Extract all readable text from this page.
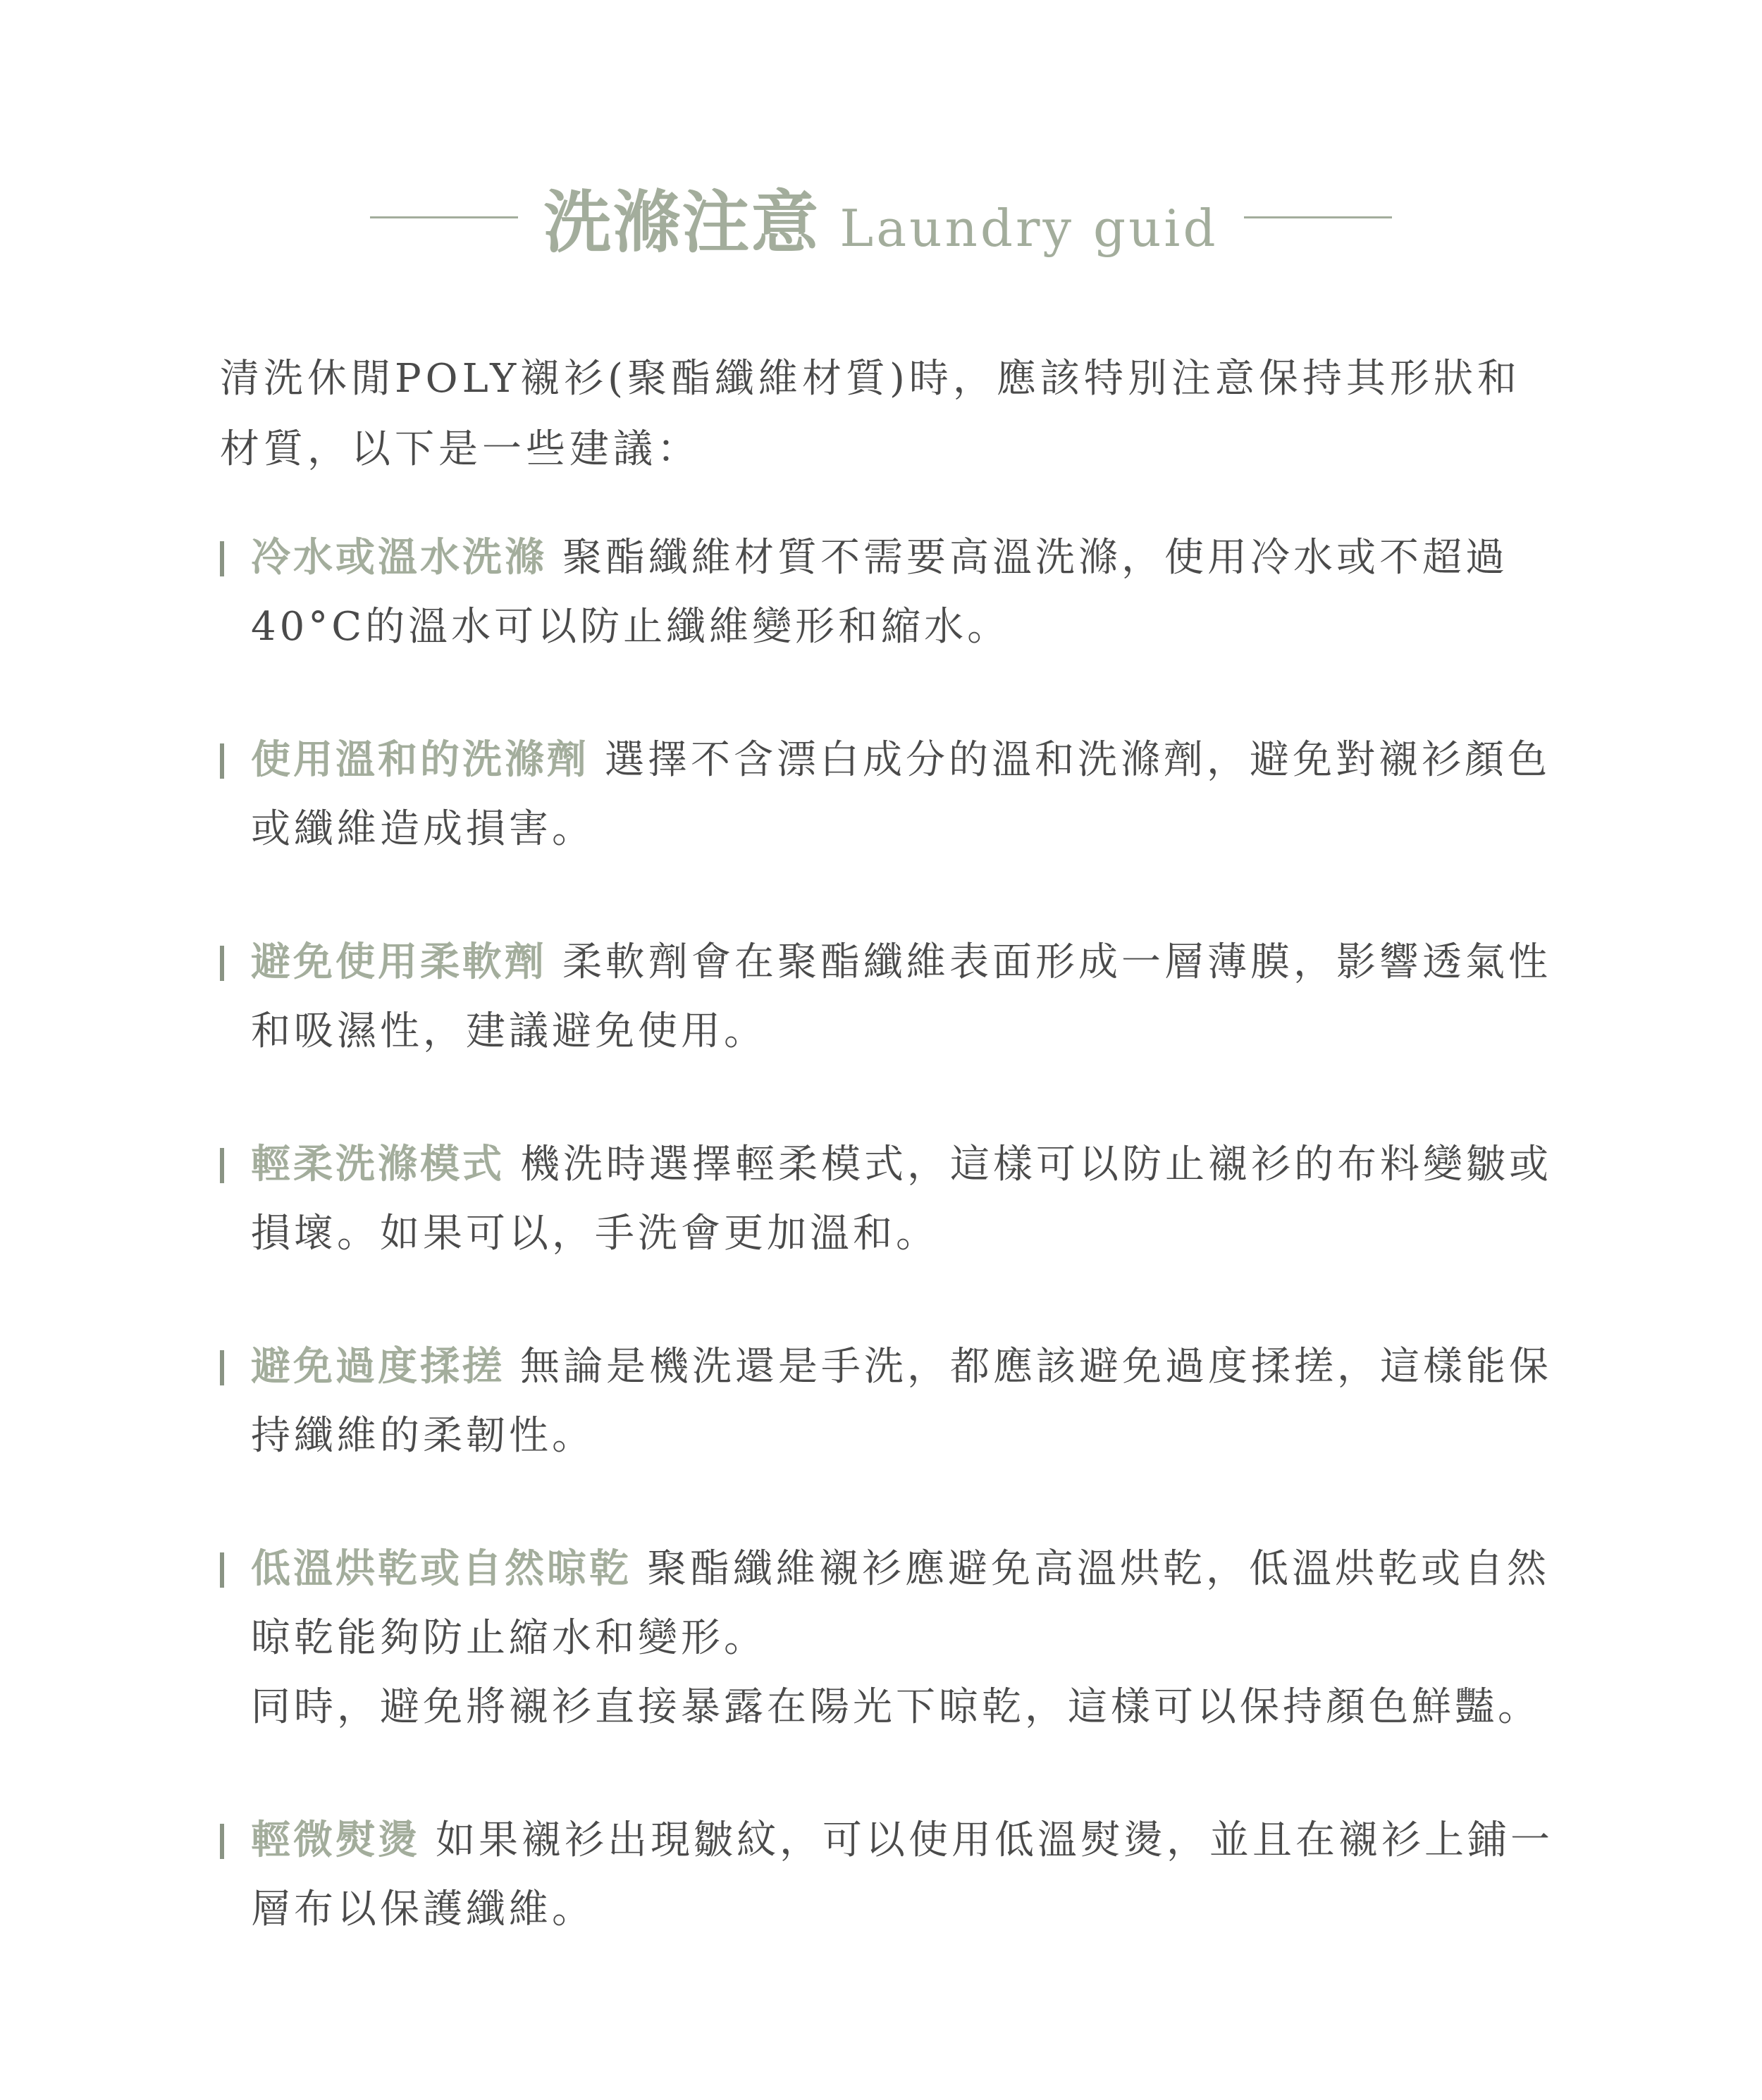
洗滌注意 Laundry guid

清洗休閒POLY襯衫(聚酯纖維材質)時，應該特別注意保持其形狀和材質，以下是一些建議：

冷水或溫水洗滌 聚酯纖維材質不需要高溫洗滌，使用冷水或不超過40°C的溫水可以防止纖維變形和縮水。
使用溫和的洗滌劑 選擇不含漂白成分的溫和洗滌劑，避免對襯衫顏色或纖維造成損害。
避免使用柔軟劑 柔軟劑會在聚酯纖維表面形成一層薄膜，影響透氣性和吸濕性，建議避免使用。
輕柔洗滌模式 機洗時選擇輕柔模式，這樣可以防止襯衫的布料變皺或損壞。如果可以，手洗會更加溫和。
避免過度揉搓 無論是機洗還是手洗，都應該避免過度揉搓，這樣能保持纖維的柔韌性。
低溫烘乾或自然晾乾 聚酯纖維襯衫應避免高溫烘乾，低溫烘乾或自然晾乾能夠防止縮水和變形。
同時，避免將襯衫直接暴露在陽光下晾乾，這樣可以保持顏色鮮豔。
輕微熨燙 如果襯衫出現皺紋，可以使用低溫熨燙，並且在襯衫上鋪一層布以保護纖維。
